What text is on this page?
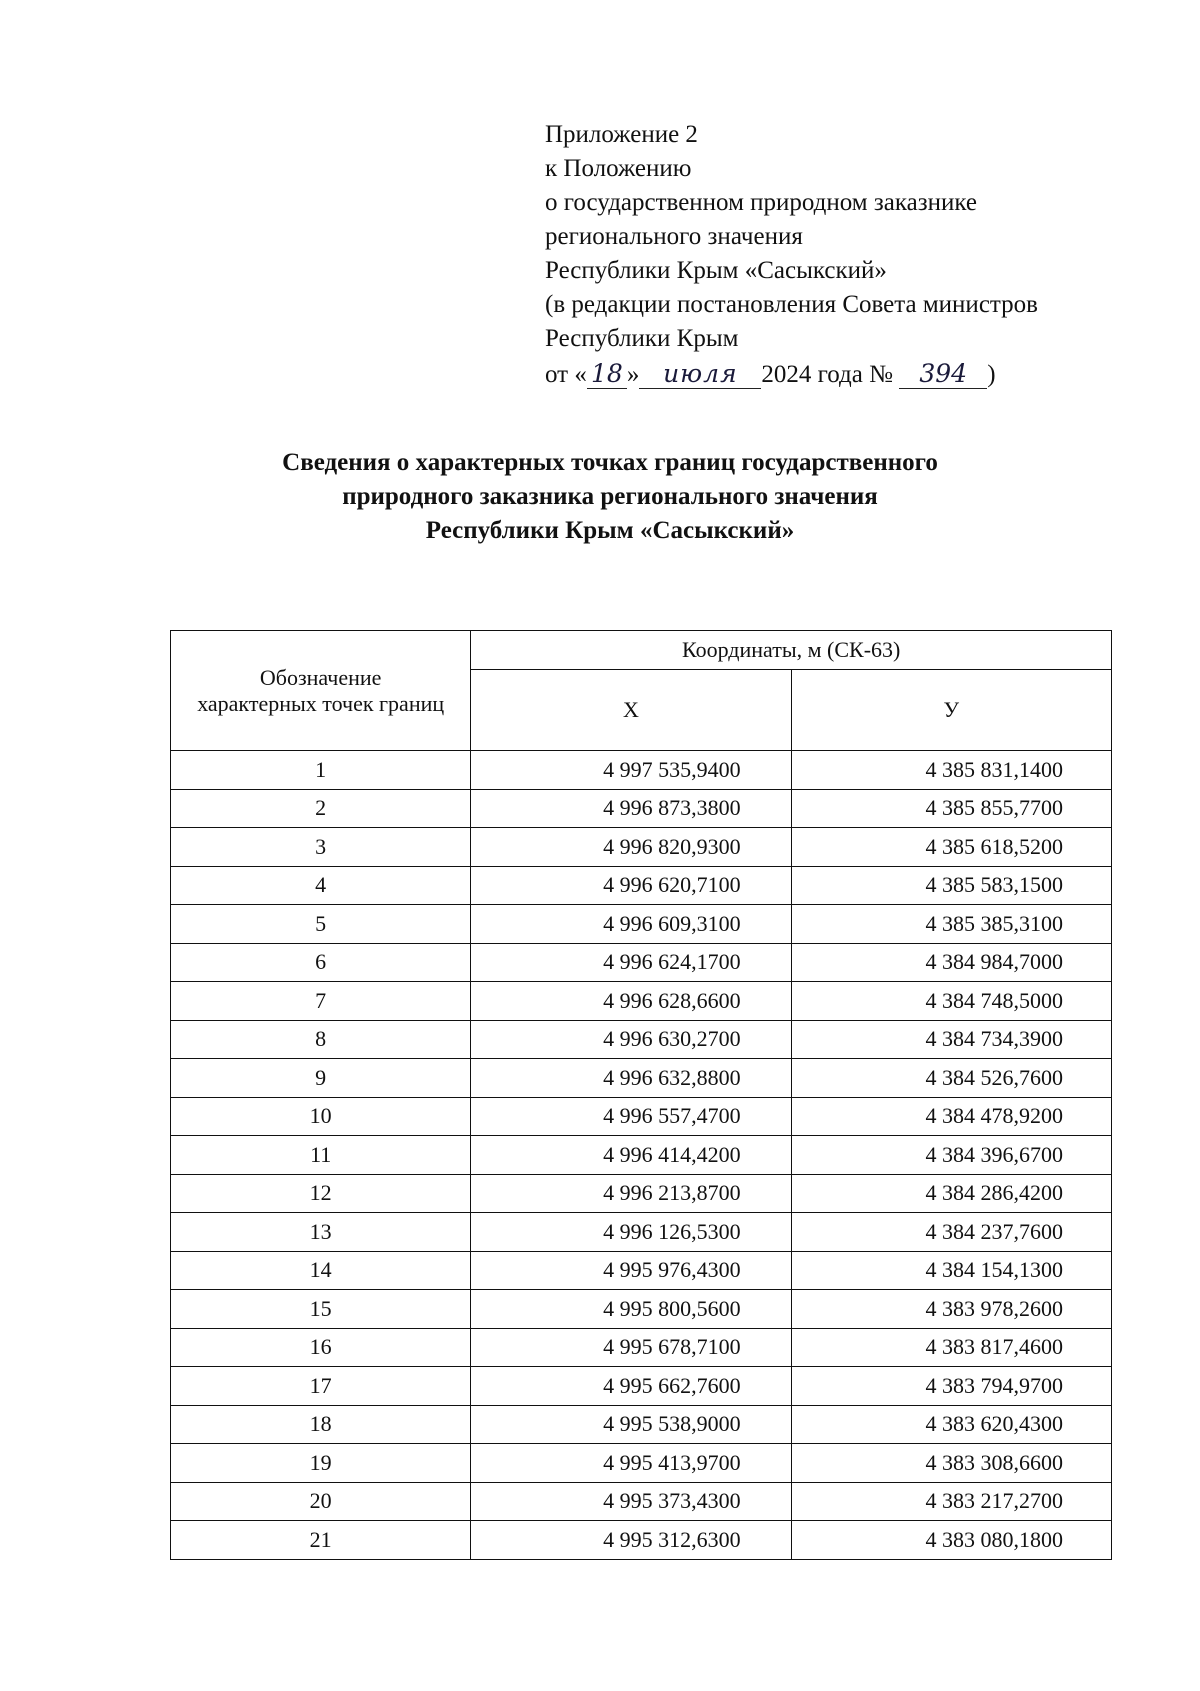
Приложение 2
к Положению
о государственном природном заказнике
регионального значения
Республики Крым «Сасыкский»
(в редакции постановления Совета министров
Республики Крым
от « 18 » июля 2024 года № 394 )
Сведения о характерных точках границ государственного
природного заказника регионального значения
Республики Крым «Сасыкский»
Обозначение
характерных точек границ	Координаты, м (СК-63)	
	X	У
1	4 997 535,9400	4 385 831,1400
2	4 996 873,3800	4 385 855,7700
3	4 996 820,9300	4 385 618,5200
4	4 996 620,7100	4 385 583,1500
5	4 996 609,3100	4 385 385,3100
6	4 996 624,1700	4 384 984,7000
7	4 996 628,6600	4 384 748,5000
8	4 996 630,2700	4 384 734,3900
9	4 996 632,8800	4 384 526,7600
10	4 996 557,4700	4 384 478,9200
11	4 996 414,4200	4 384 396,6700
12	4 996 213,8700	4 384 286,4200
13	4 996 126,5300	4 384 237,7600
14	4 995 976,4300	4 384 154,1300
15	4 995 800,5600	4 383 978,2600
16	4 995 678,7100	4 383 817,4600
17	4 995 662,7600	4 383 794,9700
18	4 995 538,9000	4 383 620,4300
19	4 995 413,9700	4 383 308,6600
20	4 995 373,4300	4 383 217,2700
21	4 995 312,6300	4 383 080,1800
